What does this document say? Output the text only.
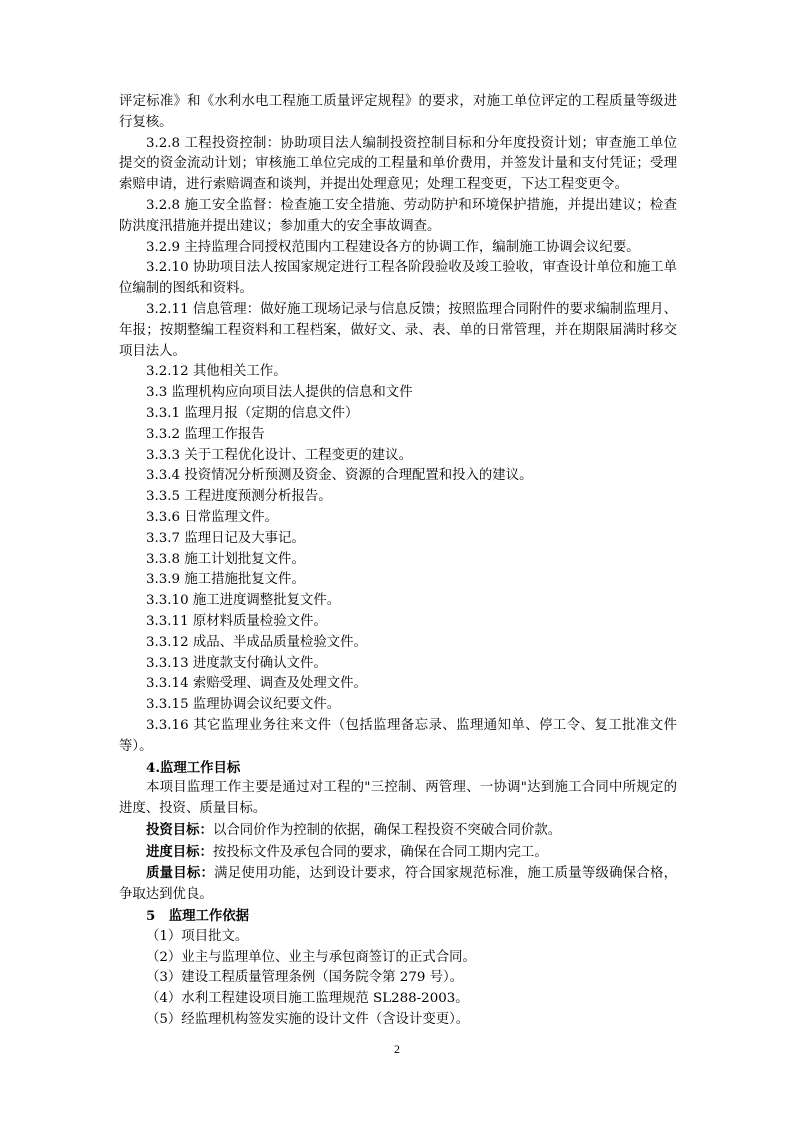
评定标准》和《水利水电工程施工质量评定规程》的要求，对施工单位评定的工程质量等级进行复核。

3.2.8 工程投资控制：协助项目法人编制投资控制目标和分年度投资计划；审查施工单位提交的资金流动计划；审核施工单位完成的工程量和单价费用，并签发计量和支付凭证；受理索赔申请，进行索赔调查和谈判，并提出处理意见；处理工程变更，下达工程变更令。

3.2.8 施工安全监督：检查施工安全措施、劳动防护和环境保护措施，并提出建议；检查防洪度汛措施并提出建议；参加重大的安全事故调查。

3.2.9 主持监理合同授权范围内工程建设各方的协调工作，编制施工协调会议纪要。

3.2.10 协助项目法人按国家规定进行工程各阶段验收及竣工验收，审查设计单位和施工单位编制的图纸和资料。

3.2.11 信息管理：做好施工现场记录与信息反馈；按照监理合同附件的要求编制监理月、年报；按期整编工程资料和工程档案，做好文、录、表、单的日常管理，并在期限届满时移交项目法人。

3.2.12 其他相关工作。

3.3 监理机构应向项目法人提供的信息和文件

3.3.1 监理月报（定期的信息文件）

3.3.2 监理工作报告

3.3.3 关于工程优化设计、工程变更的建议。

3.3.4 投资情况分析预测及资金、资源的合理配置和投入的建议。

3.3.5 工程进度预测分析报告。

3.3.6 日常监理文件。

3.3.7 监理日记及大事记。

3.3.8 施工计划批复文件。

3.3.9 施工措施批复文件。

3.3.10 施工进度调整批复文件。

3.3.11 原材料质量检验文件。

3.3.12 成品、半成品质量检验文件。

3.3.13 进度款支付确认文件。

3.3.14 索赔受理、调查及处理文件。

3.3.15 监理协调会议纪要文件。

3.3.16 其它监理业务往来文件（包括监理备忘录、监理通知单、停工令、复工批准文件等）。

4.监理工作目标

本项目监理工作主要是通过对工程的"三控制、两管理、一协调"达到施工合同中所规定的进度、投资、质量目标。

投资目标：以合同价作为控制的依据，确保工程投资不突破合同价款。

进度目标：按投标文件及承包合同的要求，确保在合同工期内完工。

质量目标：满足使用功能，达到设计要求，符合国家规范标准，施工质量等级确保合格，争取达到优良。

5　监理工作依据

（1）项目批文。

（2）业主与监理单位、业主与承包商签订的正式合同。

（3）建设工程质量管理条例（国务院令第 279 号）。

（4）水利工程建设项目施工监理规范 SL288-2003。

（5）经监理机构签发实施的设计文件（含设计变更）。

2
